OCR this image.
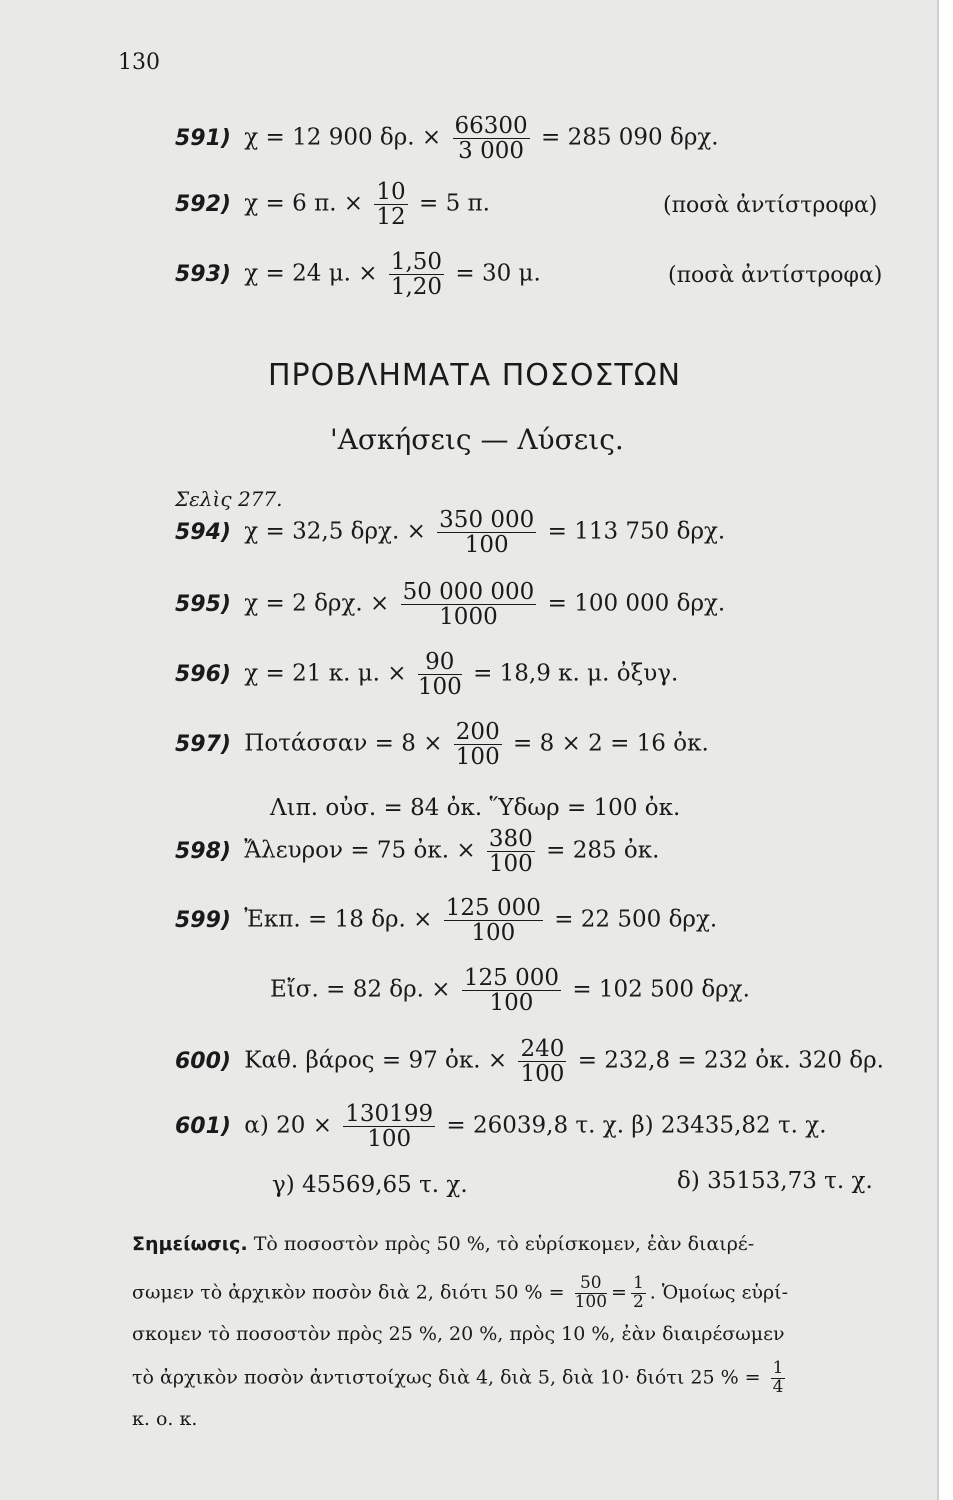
130
591) χ = 12 900 δρ. × $\frac{66300}{3 000} = 285$ 090 δρχ.
592) χ = 6 π. × $\frac{10}{12} = 5$ π.	(ποσὰ ἀντίστροφα)
593) χ = 24 μ. × $\frac{1,50}{1,20} = 30$ μ.	(ποσὰ ἀντίστροφα)
ΠΡΟΒΛΗΜΑΤΑ ΠΟΣΟΣΤΩΝ
'Ασκήσεις — Λύσεις.
Σελὶς 277.
594) χ = 32,5 δρχ. × $\frac{350 000}{100} = 113$ 750 δρχ.
595) χ = 2 δρχ. × $\frac{50 000 000}{1000} = 100$ 000 δρχ.
596) χ = 21 κ. μ. × $\frac{90}{100} = 18,9$ κ. μ. ὀξυγ.
597) $\Pi o\tau ά\sigma\sigma\alpha\nu = 8 \times \frac{200}{100} = 8 \times 2 = 16$ ὀκ.
Λιπ. οὐσ. = 84 ὀκ. Ὕδωρ = 100 ὀκ.
598) Ἄλευρον = 75 ὀκ. × $\frac{380}{100} = 285$ ὀκ.
599) Ἐκπ. = 18 δρ. × $\frac{125 000}{100} = 22$ 500 δρχ.
Εἴσ. = 82 δρ. × $\frac{125 000}{100} = 102$ 500 δρχ.
600) Καθ. βάρος = 97 ὀκ. × $\frac{240}{100} = 232,8 = 232$ ὀκ. 320 δρ.
601) α) $20 \times \frac{130199}{100} = 26039,8$ τ. χ. β) 23435,82 τ. χ.
γ) 45569,65 τ. χ.	δ) 35153,73 τ. χ.
Σημείωσις. Τὸ ποσοστὸν πρὸς 50 %, τὸ εὑρίσκομεν, ἐὰν διαιρέ-
σωμεν τὸ ἀρχικὸν ποσὸν διὰ 2, διότι 50 % = $\frac{50}{100} = \frac{1}{2}$ . Ὁμοίως εὑρί-
σκομεν τὸ ποσοστὸν πρὸς 25 %, 20 %, πρὸς 10 %, ἐὰν διαιρέσωμεν
τὸ ἀρχικὸν ποσὸν ἀντιστοίχως διὰ 4, διὰ 5, διὰ 10· διότι 25 % = $\frac{1}{4}$
κ. ο. κ.
